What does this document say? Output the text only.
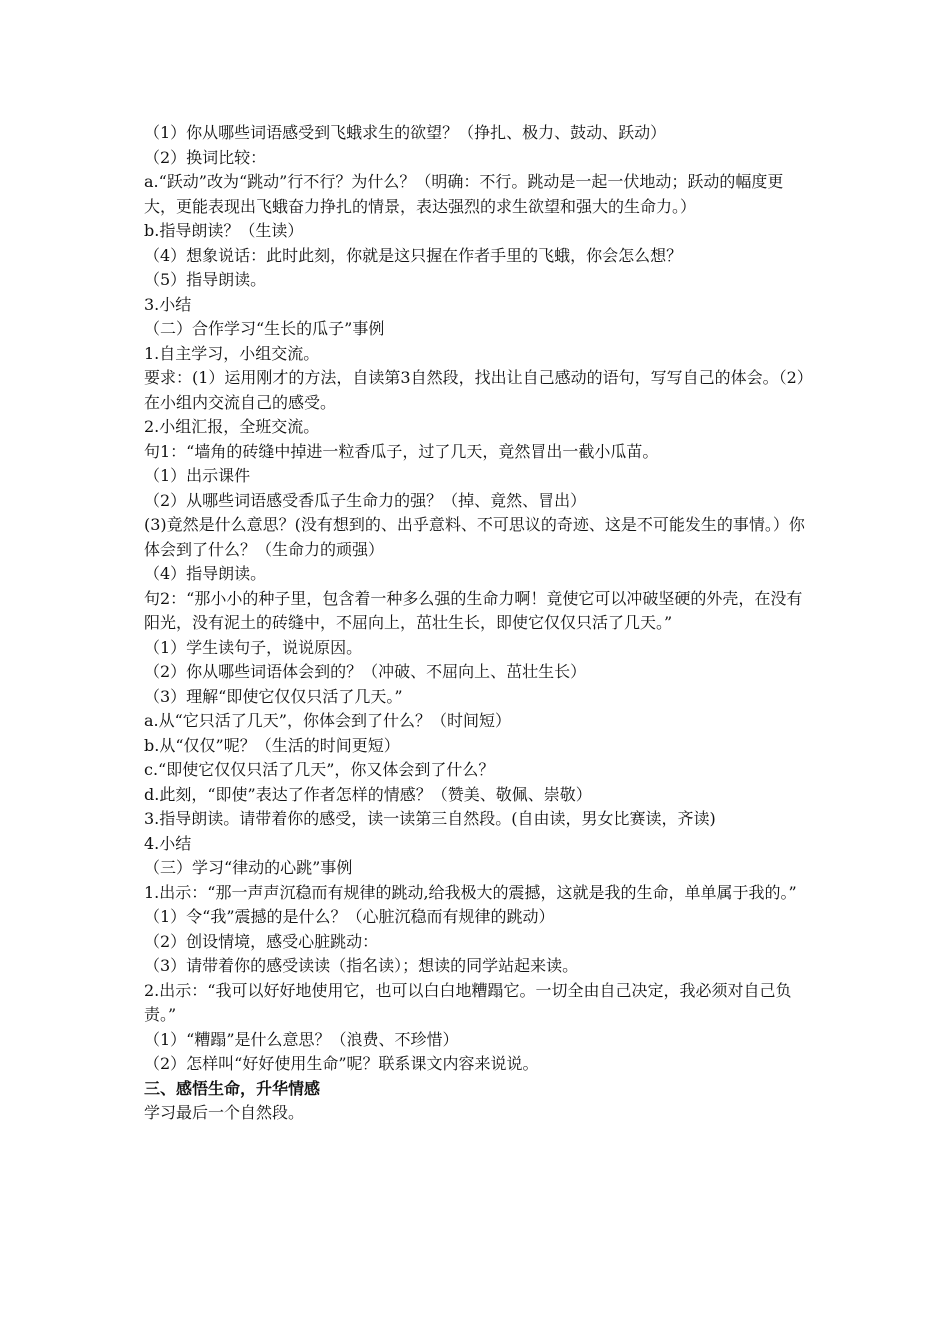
（1）你从哪些词语感受到飞蛾求生的欲望？（挣扎、极力、鼓动、跃动）

（2）换词比较：

a.“跃动”改为“跳动”行不行？为什么？（明确：不行。跳动是一起一伏地动；跃动的幅度更大，更能表现出飞蛾奋力挣扎的情景，表达强烈的求生欲望和强大的生命力。）

b.指导朗读？（生读）

（4）想象说话：此时此刻，你就是这只握在作者手里的飞蛾，你会怎么想？

（5）指导朗读。

3.小结

（二）合作学习“生长的瓜子”事例

1.自主学习，小组交流。

要求：(1）运用刚才的方法，自读第3自然段，找出让自己感动的语句，写写自己的体会。（2）在小组内交流自己的感受。

2.小组汇报，全班交流。

句1：“墙角的砖缝中掉进一粒香瓜子，过了几天，竟然冒出一截小瓜苗。

（1）出示课件

（2）从哪些词语感受香瓜子生命力的强？（掉、竟然、冒出）

(3)竟然是什么意思？(没有想到的、出乎意料、不可思议的奇迹、这是不可能发生的事情。）你体会到了什么？（生命力的顽强）

（4）指导朗读。

句2：“那小小的种子里，包含着一种多么强的生命力啊！竟使它可以冲破坚硬的外壳，在没有阳光，没有泥土的砖缝中，不屈向上，茁壮生长，即使它仅仅只活了几天。”

（1）学生读句子，说说原因。

（2）你从哪些词语体会到的？（冲破、不屈向上、茁壮生长）

（3）理解“即使它仅仅只活了几天。”

a.从“它只活了几天”，你体会到了什么？（时间短）

b.从“仅仅”呢？（生活的时间更短）

c.“即使它仅仅只活了几天”，你又体会到了什么？

d.此刻，“即使”表达了作者怎样的情感？（赞美、敬佩、崇敬）

3.指导朗读。请带着你的感受，读一读第三自然段。(自由读，男女比赛读，齐读)

4.小结

（三）学习“律动的心跳”事例

1.出示：“那一声声沉稳而有规律的跳动,给我极大的震撼，这就是我的生命，单单属于我的。”

（1）令“我”震撼的是什么？（心脏沉稳而有规律的跳动）

（2）创设情境，感受心脏跳动：

（3）请带着你的感受读读（指名读）；想读的同学站起来读。

2.出示：“我可以好好地使用它，也可以白白地糟蹋它。一切全由自己决定，我必须对自己负责。”

（1）“糟蹋”是什么意思？（浪费、不珍惜）

（2）怎样叫“好好使用生命”呢？联系课文内容来说说。

三、感悟生命，升华情感

学习最后一个自然段。
